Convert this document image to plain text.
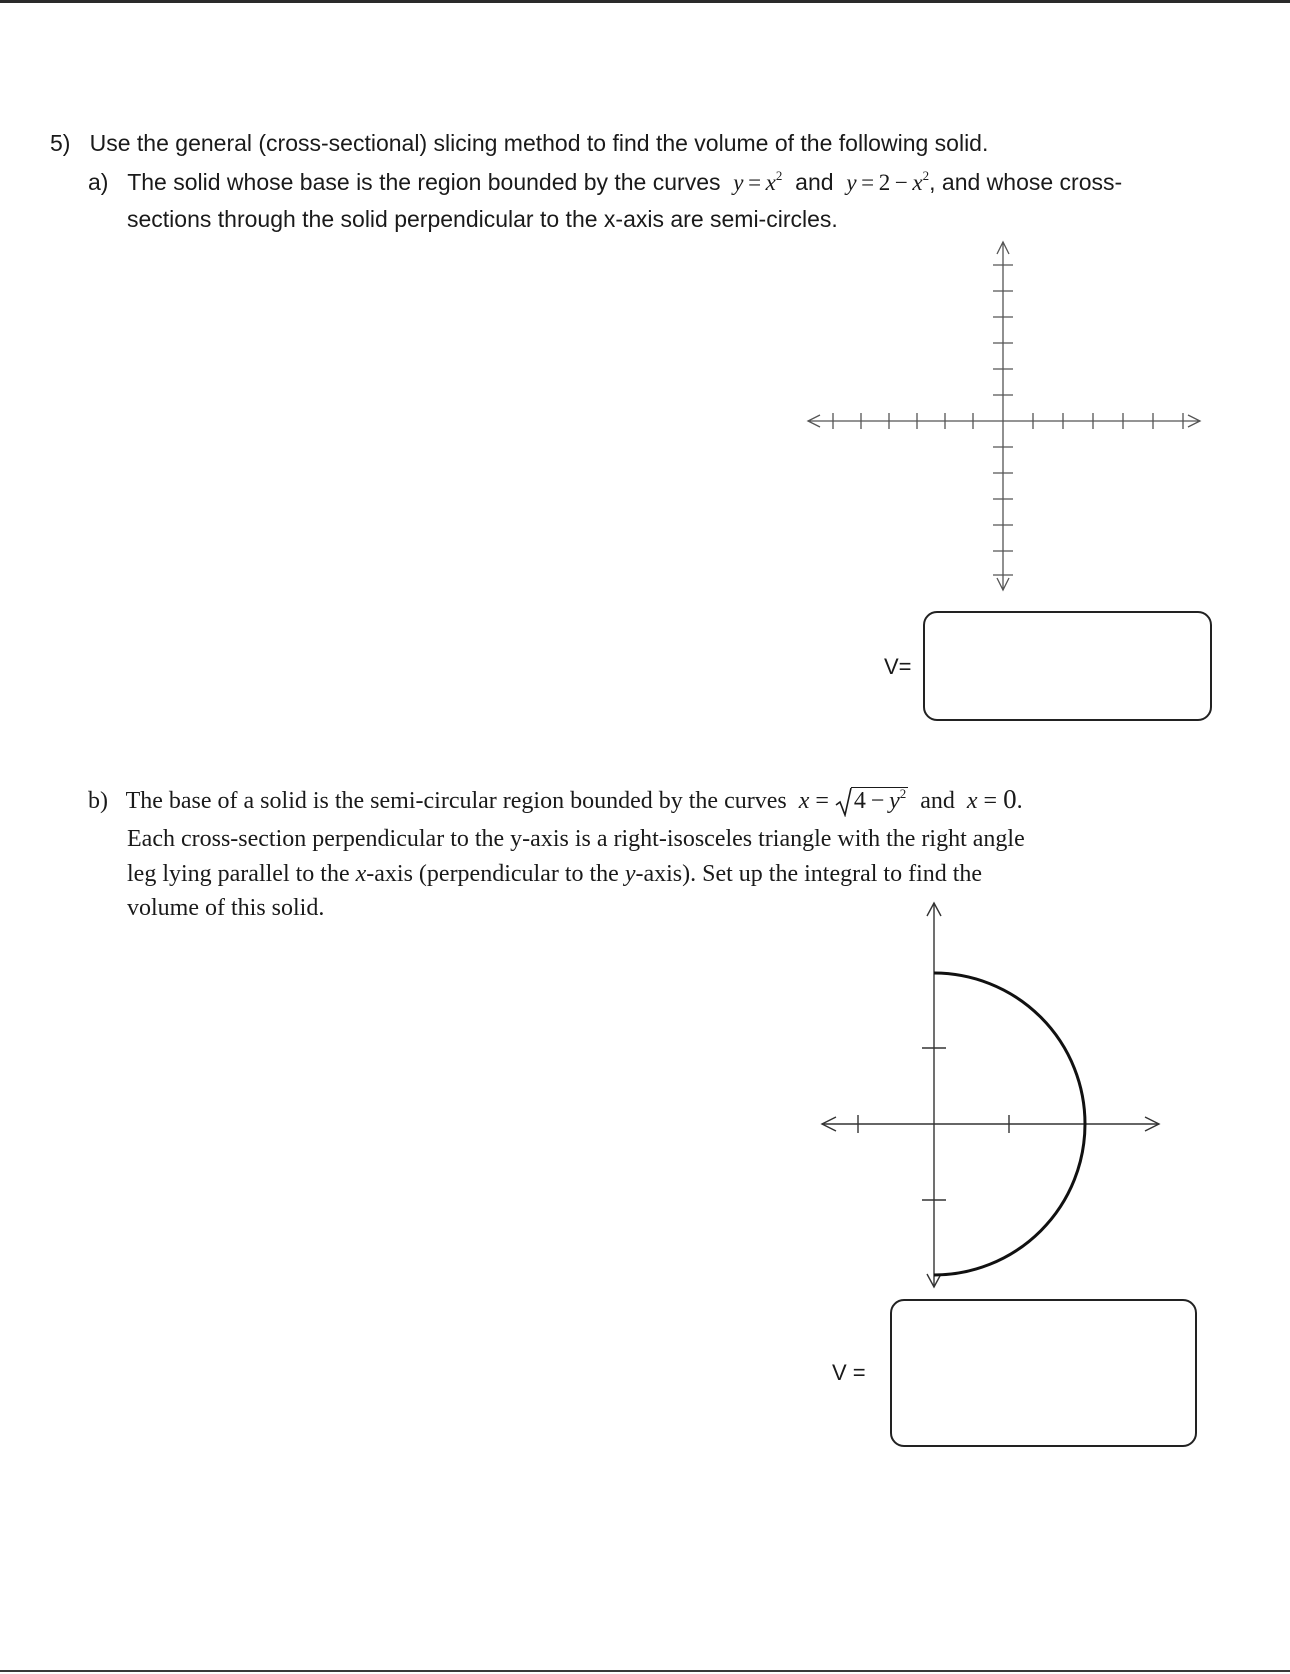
5) Use the general (cross-sectional) slicing method to find the volume of the following solid.
a) The solid whose base is the region bounded by the curves $y = x^2$ and $y = 2 - x^2$, and whose cross-
sections through the solid perpendicular to the x-axis are semi-circles.
V=
b) The base of a solid is the semi-circular region bounded by the curves x =
$4 - y^2$ and x = 0.
Each cross-section perpendicular to the y-axis is a right-isosceles triangle with the right angle
leg lying parallel to the x-axis (perpendicular to the y-axis). Set up the integral to find the
volume of this solid.
V =
